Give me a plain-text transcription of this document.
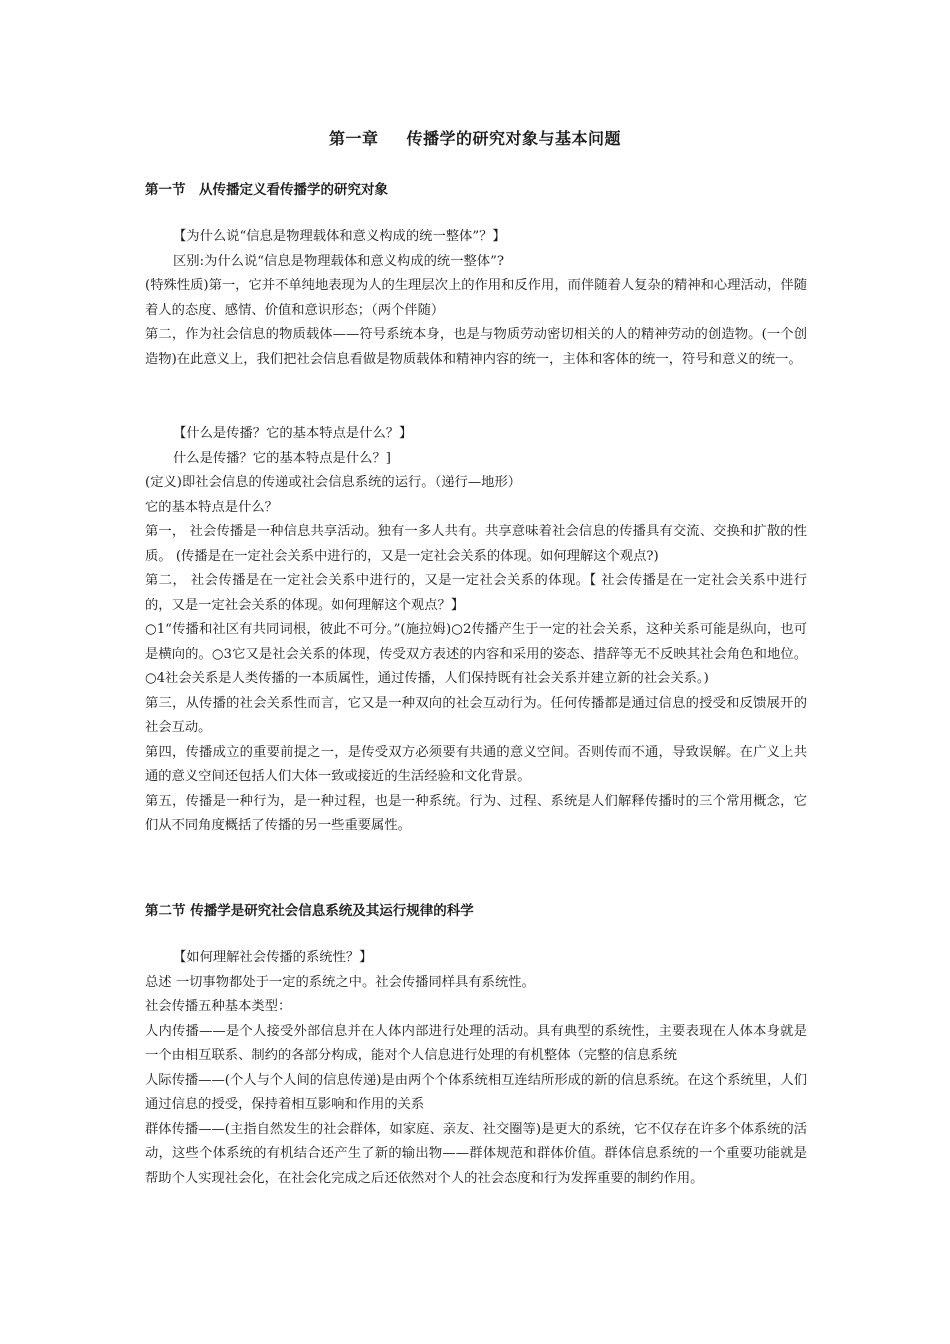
第一章 传播学的研究对象与基本问题
第一节　从传播定义看传播学的研究对象

【为什么说“信息是物理载体和意义构成的统一整体”？】

区别:为什么说“信息是物理载体和意义构成的统一整体”?

(特殊性质)第一，它并不单纯地表现为人的生理层次上的作用和反作用，而伴随着人复杂的精神和心理活动，伴随着人的态度、感情、价值和意识形态；（两个伴随）

第二，作为社会信息的物质载体——符号系统本身，也是与物质劳动密切相关的人的精神劳动的创造物。(一个创造物)在此意义上，我们把社会信息看做是物质载体和精神内容的统一，主体和客体的统一，符号和意义的统一。

【什么是传播？它的基本特点是什么？】

什么是传播？它的基本特点是什么？]

(定义)即社会信息的传递或社会信息系统的运行。（递行—地形）

它的基本特点是什么？

第一， 社会传播是一种信息共享活动。独有一多人共有。共享意味着社会信息的传播具有交流、交换和扩散的性质。 (传播是在一定社会关系中进行的，又是一定社会关系的体现。如何理解这个观点?)

第二， 社会传播是在一定社会关系中进行的，又是一定社会关系的体现。【 社会传播是在一定社会关系中进行的，又是一定社会关系的体现。如何理解这个观点？】

○1“传播和社区有共同词根，彼此不可分。”(施拉姆)○2传播产生于一定的社会关系，这种关系可能是纵向，也可是横向的。○3它又是社会关系的体现，传受双方表述的内容和采用的姿态、措辞等无不反映其社会角色和地位。○4社会关系是人类传播的一本质属性，通过传播，人们保持既有社会关系并建立新的社会关系。)

第三，从传播的社会关系性而言，它又是一种双向的社会互动行为。任何传播都是通过信息的授受和反馈展开的社会互动。

第四，传播成立的重要前提之一，是传受双方必须要有共通的意义空间。否则传而不通，导致误解。在广义上共通的意义空间还包括人们大体一致或接近的生活经验和文化背景。

第五，传播是一种行为，是一种过程，也是一种系统。行为、过程、系统是人们解释传播时的三个常用概念，它们从不同角度概括了传播的另一些重要属性。

第二节 传播学是研究社会信息系统及其运行规律的科学

【如何理解社会传播的系统性？】

总述 一切事物都处于一定的系统之中。社会传播同样具有系统性。

社会传播五种基本类型：

人内传播——是个人接受外部信息并在人体内部进行处理的活动。具有典型的系统性，主要表现在人体本身就是一个由相互联系、制约的各部分构成，能对个人信息进行处理的有机整体（完整的信息系统

人际传播——(个人与个人间的信息传递)是由两个个体系统相互连结所形成的新的信息系统。在这个系统里，人们通过信息的授受，保持着相互影响和作用的关系

群体传播——(主指自然发生的社会群体，如家庭、亲友、社交圈等)是更大的系统，它不仅存在许多个体系统的活动，这些个体系统的有机结合还产生了新的输出物——群体规范和群体价值。群体信息系统的一个重要功能就是帮助个人实现社会化，在社会化完成之后还依然对个人的社会态度和行为发挥重要的制约作用。
